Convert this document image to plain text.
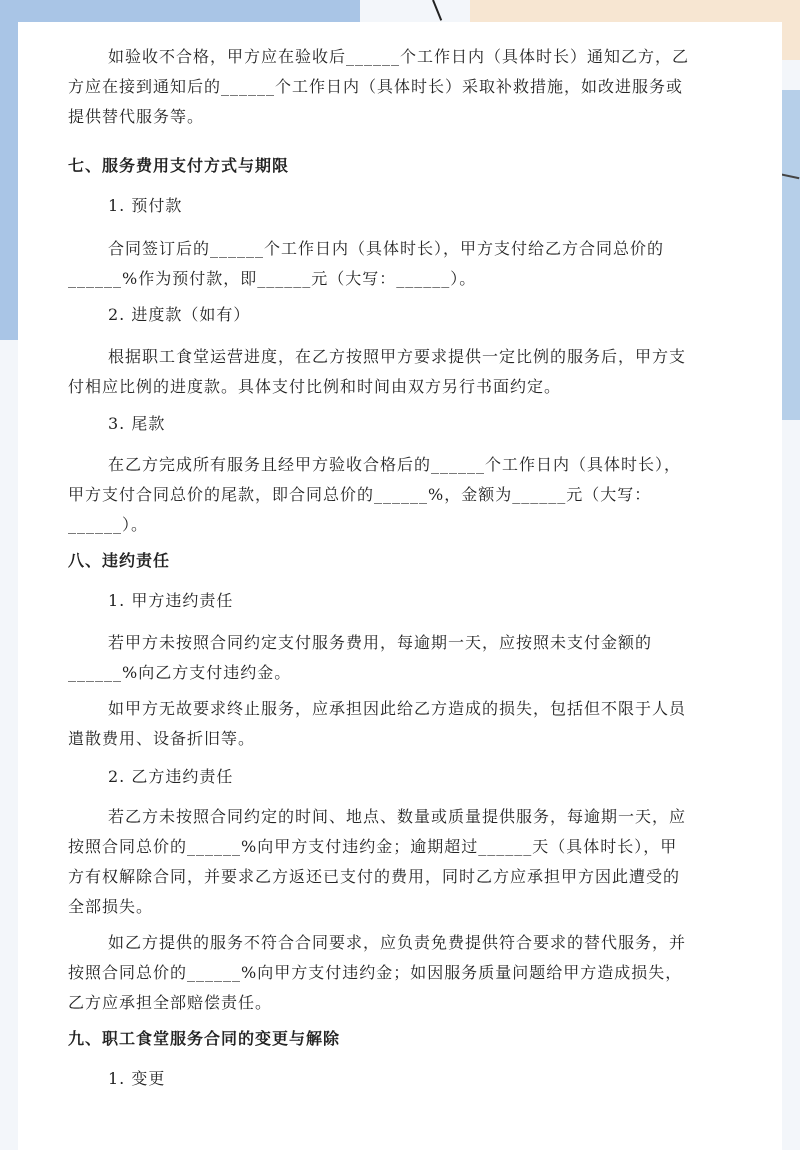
如验收不合格，甲方应在验收后______个工作日内（具体时长）通知乙方，乙

方应在接到通知后的______个工作日内（具体时长）采取补救措施，如改进服务或

提供替代服务等。

七、服务费用支付方式与期限

1. 预付款

合同签订后的______个工作日内（具体时长），甲方支付给乙方合同总价的

______%作为预付款，即______元（大写：______）。

2. 进度款（如有）

根据职工食堂运营进度，在乙方按照甲方要求提供一定比例的服务后，甲方支

付相应比例的进度款。具体支付比例和时间由双方另行书面约定。

3. 尾款

在乙方完成所有服务且经甲方验收合格后的______个工作日内（具体时长），

甲方支付合同总价的尾款，即合同总价的______%，金额为______元（大写：

______）。

八、违约责任

1. 甲方违约责任

若甲方未按照合同约定支付服务费用，每逾期一天，应按照未支付金额的

______%向乙方支付违约金。

如甲方无故要求终止服务，应承担因此给乙方造成的损失，包括但不限于人员

遣散费用、设备折旧等。

2. 乙方违约责任

若乙方未按照合同约定的时间、地点、数量或质量提供服务，每逾期一天，应

按照合同总价的______%向甲方支付违约金；逾期超过______天（具体时长），甲

方有权解除合同，并要求乙方返还已支付的费用，同时乙方应承担甲方因此遭受的

全部损失。

如乙方提供的服务不符合合同要求，应负责免费提供符合要求的替代服务，并

按照合同总价的______%向甲方支付违约金；如因服务质量问题给甲方造成损失，

乙方应承担全部赔偿责任。

九、职工食堂服务合同的变更与解除

1. 变更
